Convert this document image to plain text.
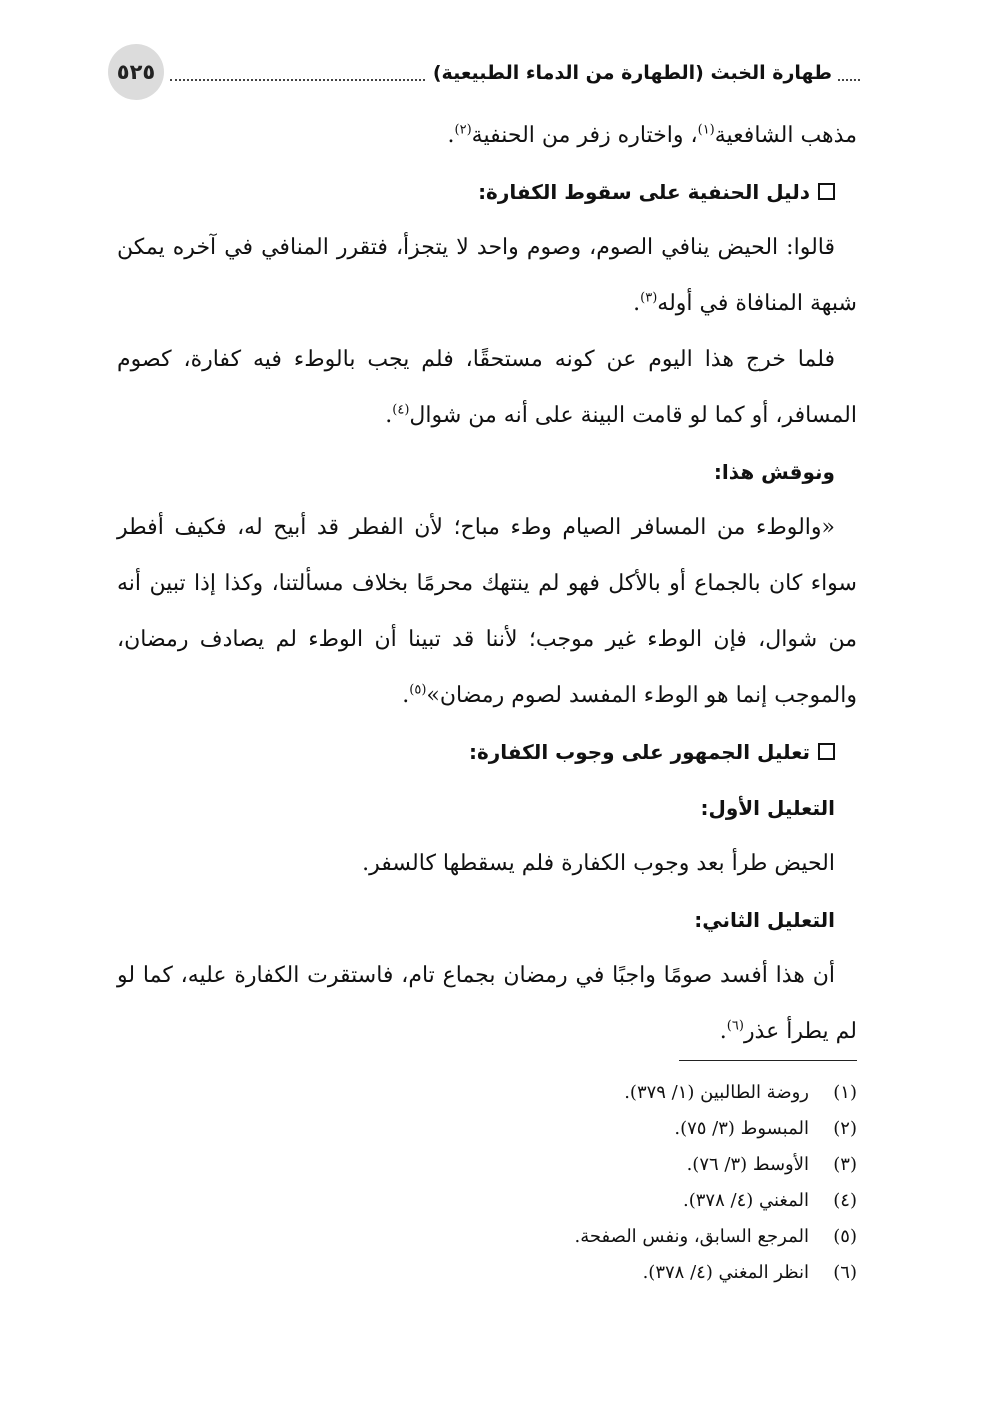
٥٢٥	طهارة الخبث (الطهارة من الدماء الطبيعية)

مذهب الشافعية$^{(١)}$، واختاره زفر من الحنفية$^{(٢)}$.

دليل الحنفية على سقوط الكفارة:

قالوا: الحيض ينافي الصوم، وصوم واحد لا يتجزأ، فتقرر المنافي في آخره يمكن شبهة المنافاة في أوله$^{(٣)}$.

فلما خرج هذا اليوم عن كونه مستحقًا، فلم يجب بالوطء فيه كفارة، كصوم المسافر، أو كما لو قامت البينة على أنه من شوال$^{(٤)}$.

ونوقش هذا:

«والوطء من المسافر الصيام وطء مباح؛ لأن الفطر قد أبيح له، فكيف أفطر سواء كان بالجماع أو بالأكل فهو لم ينتهك محرمًا بخلاف مسألتنا، وكذا إذا تبين أنه من شوال، فإن الوطء غير موجب؛ لأننا قد تبينا أن الوطء لم يصادف رمضان، والموجب إنما هو الوطء المفسد لصوم رمضان»$^{(٥)}$.

تعليل الجمهور على وجوب الكفارة:

التعليل الأول:

الحيض طرأ بعد وجوب الكفارة فلم يسقطها كالسفر.

التعليل الثاني:

أن هذا أفسد صومًا واجبًا في رمضان بجماع تام، فاستقرت الكفارة عليه، كما لو لم يطرأ عذر$^{(٦)}$.

(١)
روضة الطالبين (١/ ٣٧٩).
(٢)
المبسوط (٣/ ٧٥).
(٣)
الأوسط (٣/ ٧٦).
(٤)
المغني (٤/ ٣٧٨).
(٥)
المرجع السابق، ونفس الصفحة.
(٦)
انظر المغني (٤/ ٣٧٨).
